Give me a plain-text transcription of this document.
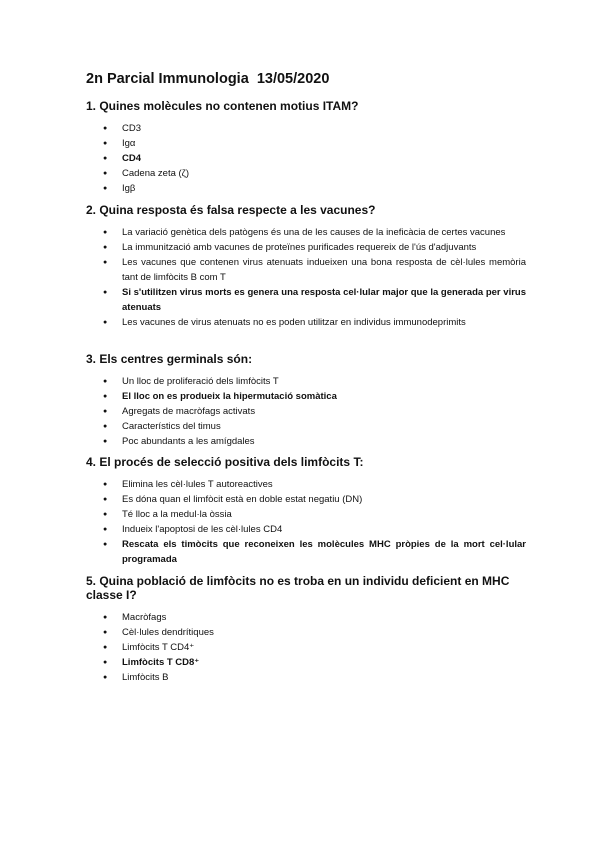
2n Parcial Immunologia  13/05/2020

1. Quines molècules no contenen motius ITAM?

● CD3
● Igα
● CD4
● Cadena zeta (ζ)
● Igβ

2. Quina resposta és falsa respecte a les vacunes?

● La variació genètica dels patògens és una de les causes de la ineficàcia de certes vacunes
● La immunització amb vacunes de proteïnes purificades requereix de l'ús d'adjuvants
● Les vacunes que contenen virus atenuats indueixen una bona resposta de cèl·lules memòria tant de limfòcits B com T
● Si s'utilitzen virus morts es genera una resposta cel·lular major que la generada per virus atenuats
● Les vacunes de virus atenuats no es poden utilitzar en individus immunodeprimits

3. Els centres germinals són:

● Un lloc de proliferació dels limfòcits T
● El lloc on es produeix la hipermutació somàtica
● Agregats de macròfags activats
● Característics del timus
● Poc abundants a les amígdales

4. El procés de selecció positiva dels limfòcits T:

● Elimina les cèl·lules T autoreactives
● Es dóna quan el limfòcit està en doble estat negatiu (DN)
● Té lloc a la medul·la òssia
● Indueix l'apoptosi de les cèl·lules CD4
● Rescata els timòcits que reconeixen les molècules MHC pròpies de la mort cel·lular programada

5. Quina població de limfòcits no es troba en un individu deficient en MHC classe I?

● Macròfags
● Cèl·lules dendrítiques
● Limfòcits T CD4⁺
● Limfòcits T CD8⁺
● Limfòcits B
